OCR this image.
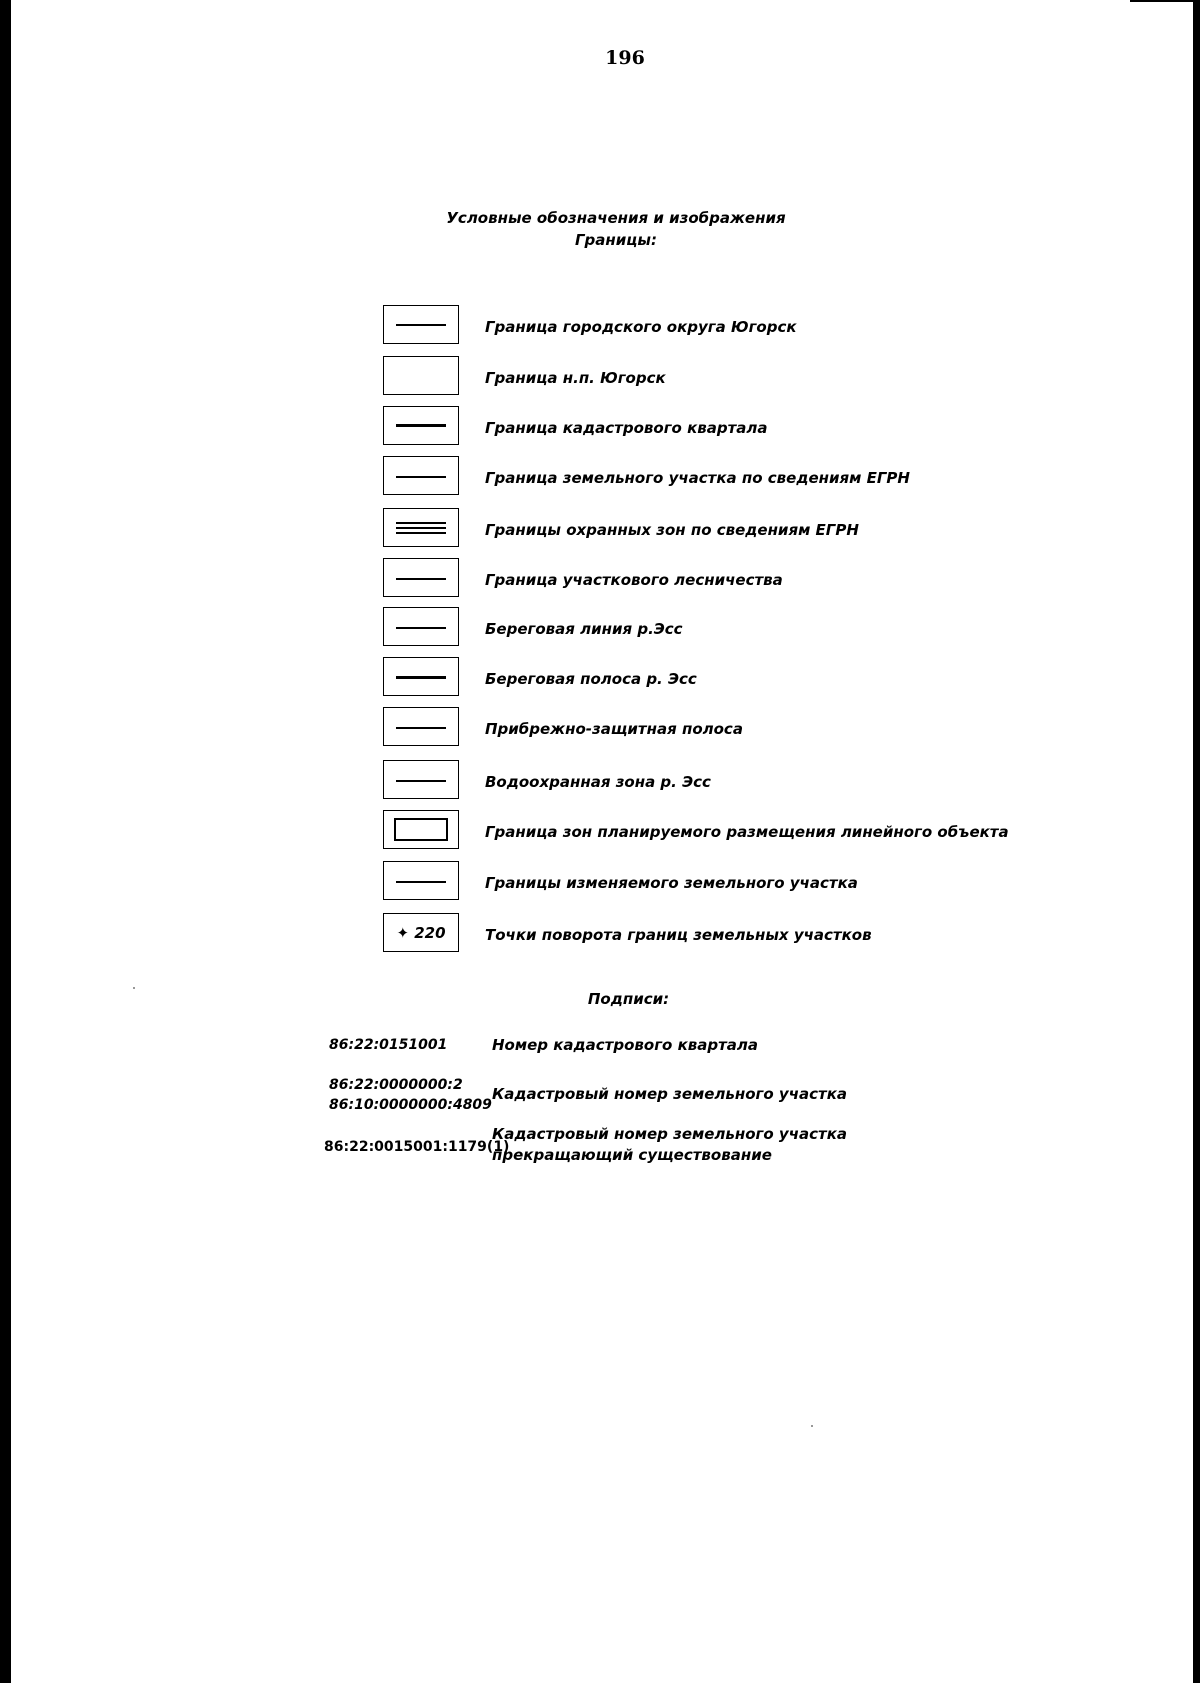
196
Условные обозначения и изображения
Границы:
Граница городского округа Югорск
Граница н.п. Югорск
Граница кадастрового квартала
Граница земельного участка по сведениям ЕГРН
Границы охранных зон по сведениям ЕГРН
Граница участкового лесничества
Береговая линия р.Эсс
Береговая полоса р. Эсс
Прибрежно-защитная полоса
Водоохранная зона р. Эсс
Граница зон планируемого размещения линейного объекта
Границы изменяемого земельного участка
✦ 220	Точки поворота границ земельных участков
Подписи:
86:22:0151001	Номер кадастрового квартала
86:22:0000000:2
86:10:0000000:4809
Кадастровый номер земельного участка
86:22:0015001:1179(1)
Кадастровый номер земельного участка
прекращающий существование
